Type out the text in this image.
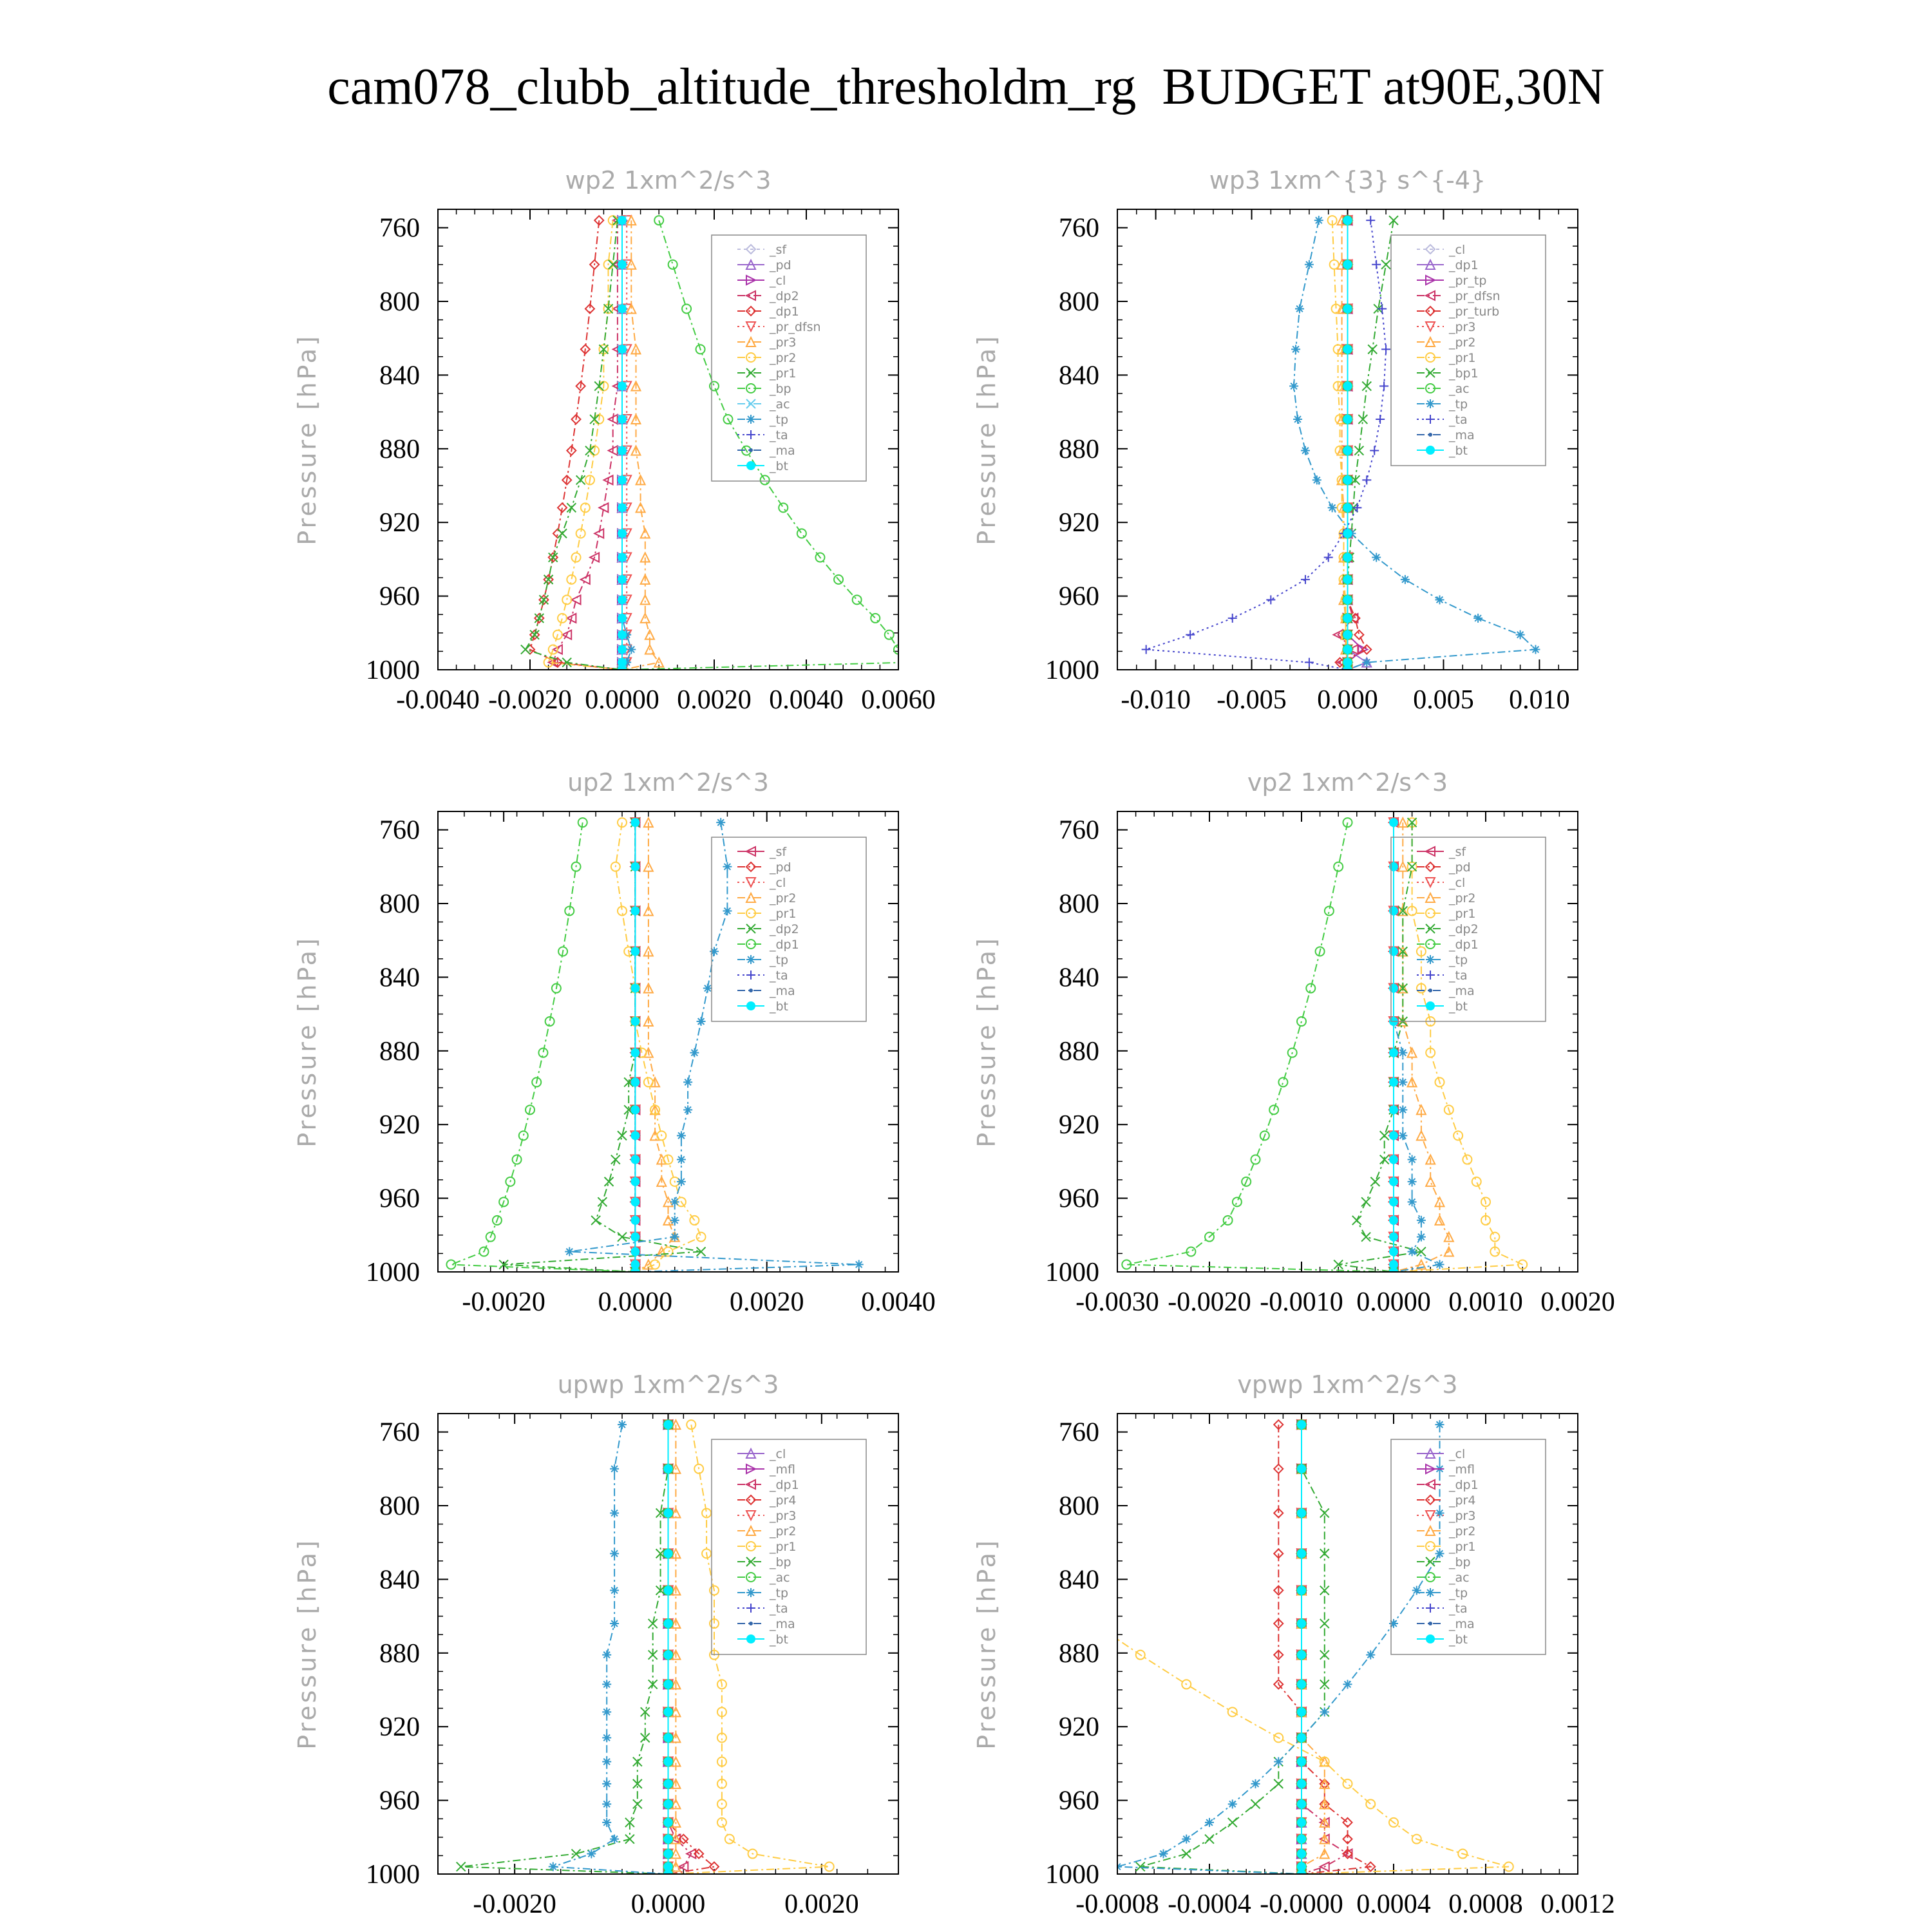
cam078_clubb_altitude_thresholdm_rg  BUDGET at90E,30N
wp2 1xm^2/s^3
Pressure [hPa]
760
800
840
880
920
960
1000
-0.0040 -0.0020 0.0000 0.0020 0.0040 0.0060
_sf
_pd
_cl
_dp2
_dp1
_pr_dfsn
_pr3
_pr2
_pr1
_bp
_ac
_tp
_ta
_ma
_bt
wp3 1xm^{3} s^{-4}
Pressure [hPa]
760
800
840
880
920
960
1000
-0.010 -0.005 0.000 0.005 0.010
_cl
_dp1
_pr_tp
_pr_dfsn
_pr_turb
_pr3
_pr2
_pr1
_bp1
_ac
_tp
_ta
_ma
_bt
up2 1xm^2/s^3
Pressure [hPa]
760
800
840
880
920
960
1000
-0.0020 0.0000 0.0020 0.0040
_sf
_pd
_cl
_pr2
_pr1
_dp2
_dp1
_tp
_ta
_ma
_bt
vp2 1xm^2/s^3
Pressure [hPa]
760
800
840
880
920
960
1000
-0.0030 -0.0020 -0.0010 0.0000 0.0010 0.0020
_sf
_pd
_cl
_pr2
_pr1
_dp2
_dp1
_tp
_ta
_ma
_bt
upwp 1xm^2/s^3
Pressure [hPa]
760
800
840
880
920
960
1000
-0.0020	0.0000	0.0020
_cl
_mfl
_dp1
_pr4
_pr3
_pr2
_pr1
_bp
_ac
_tp
_ta
_ma
_bt
vpwp 1xm^2/s^3
Pressure [hPa]
760
800
840
880
920
960
1000
-0.0008 -0.0004 -0.0000 0.0004 0.0008 0.0012
_cl
_mfl
_dp1
_pr4
_pr3
_pr2
_pr1
_bp
_ac
_tp
_ta
_ma
_bt
